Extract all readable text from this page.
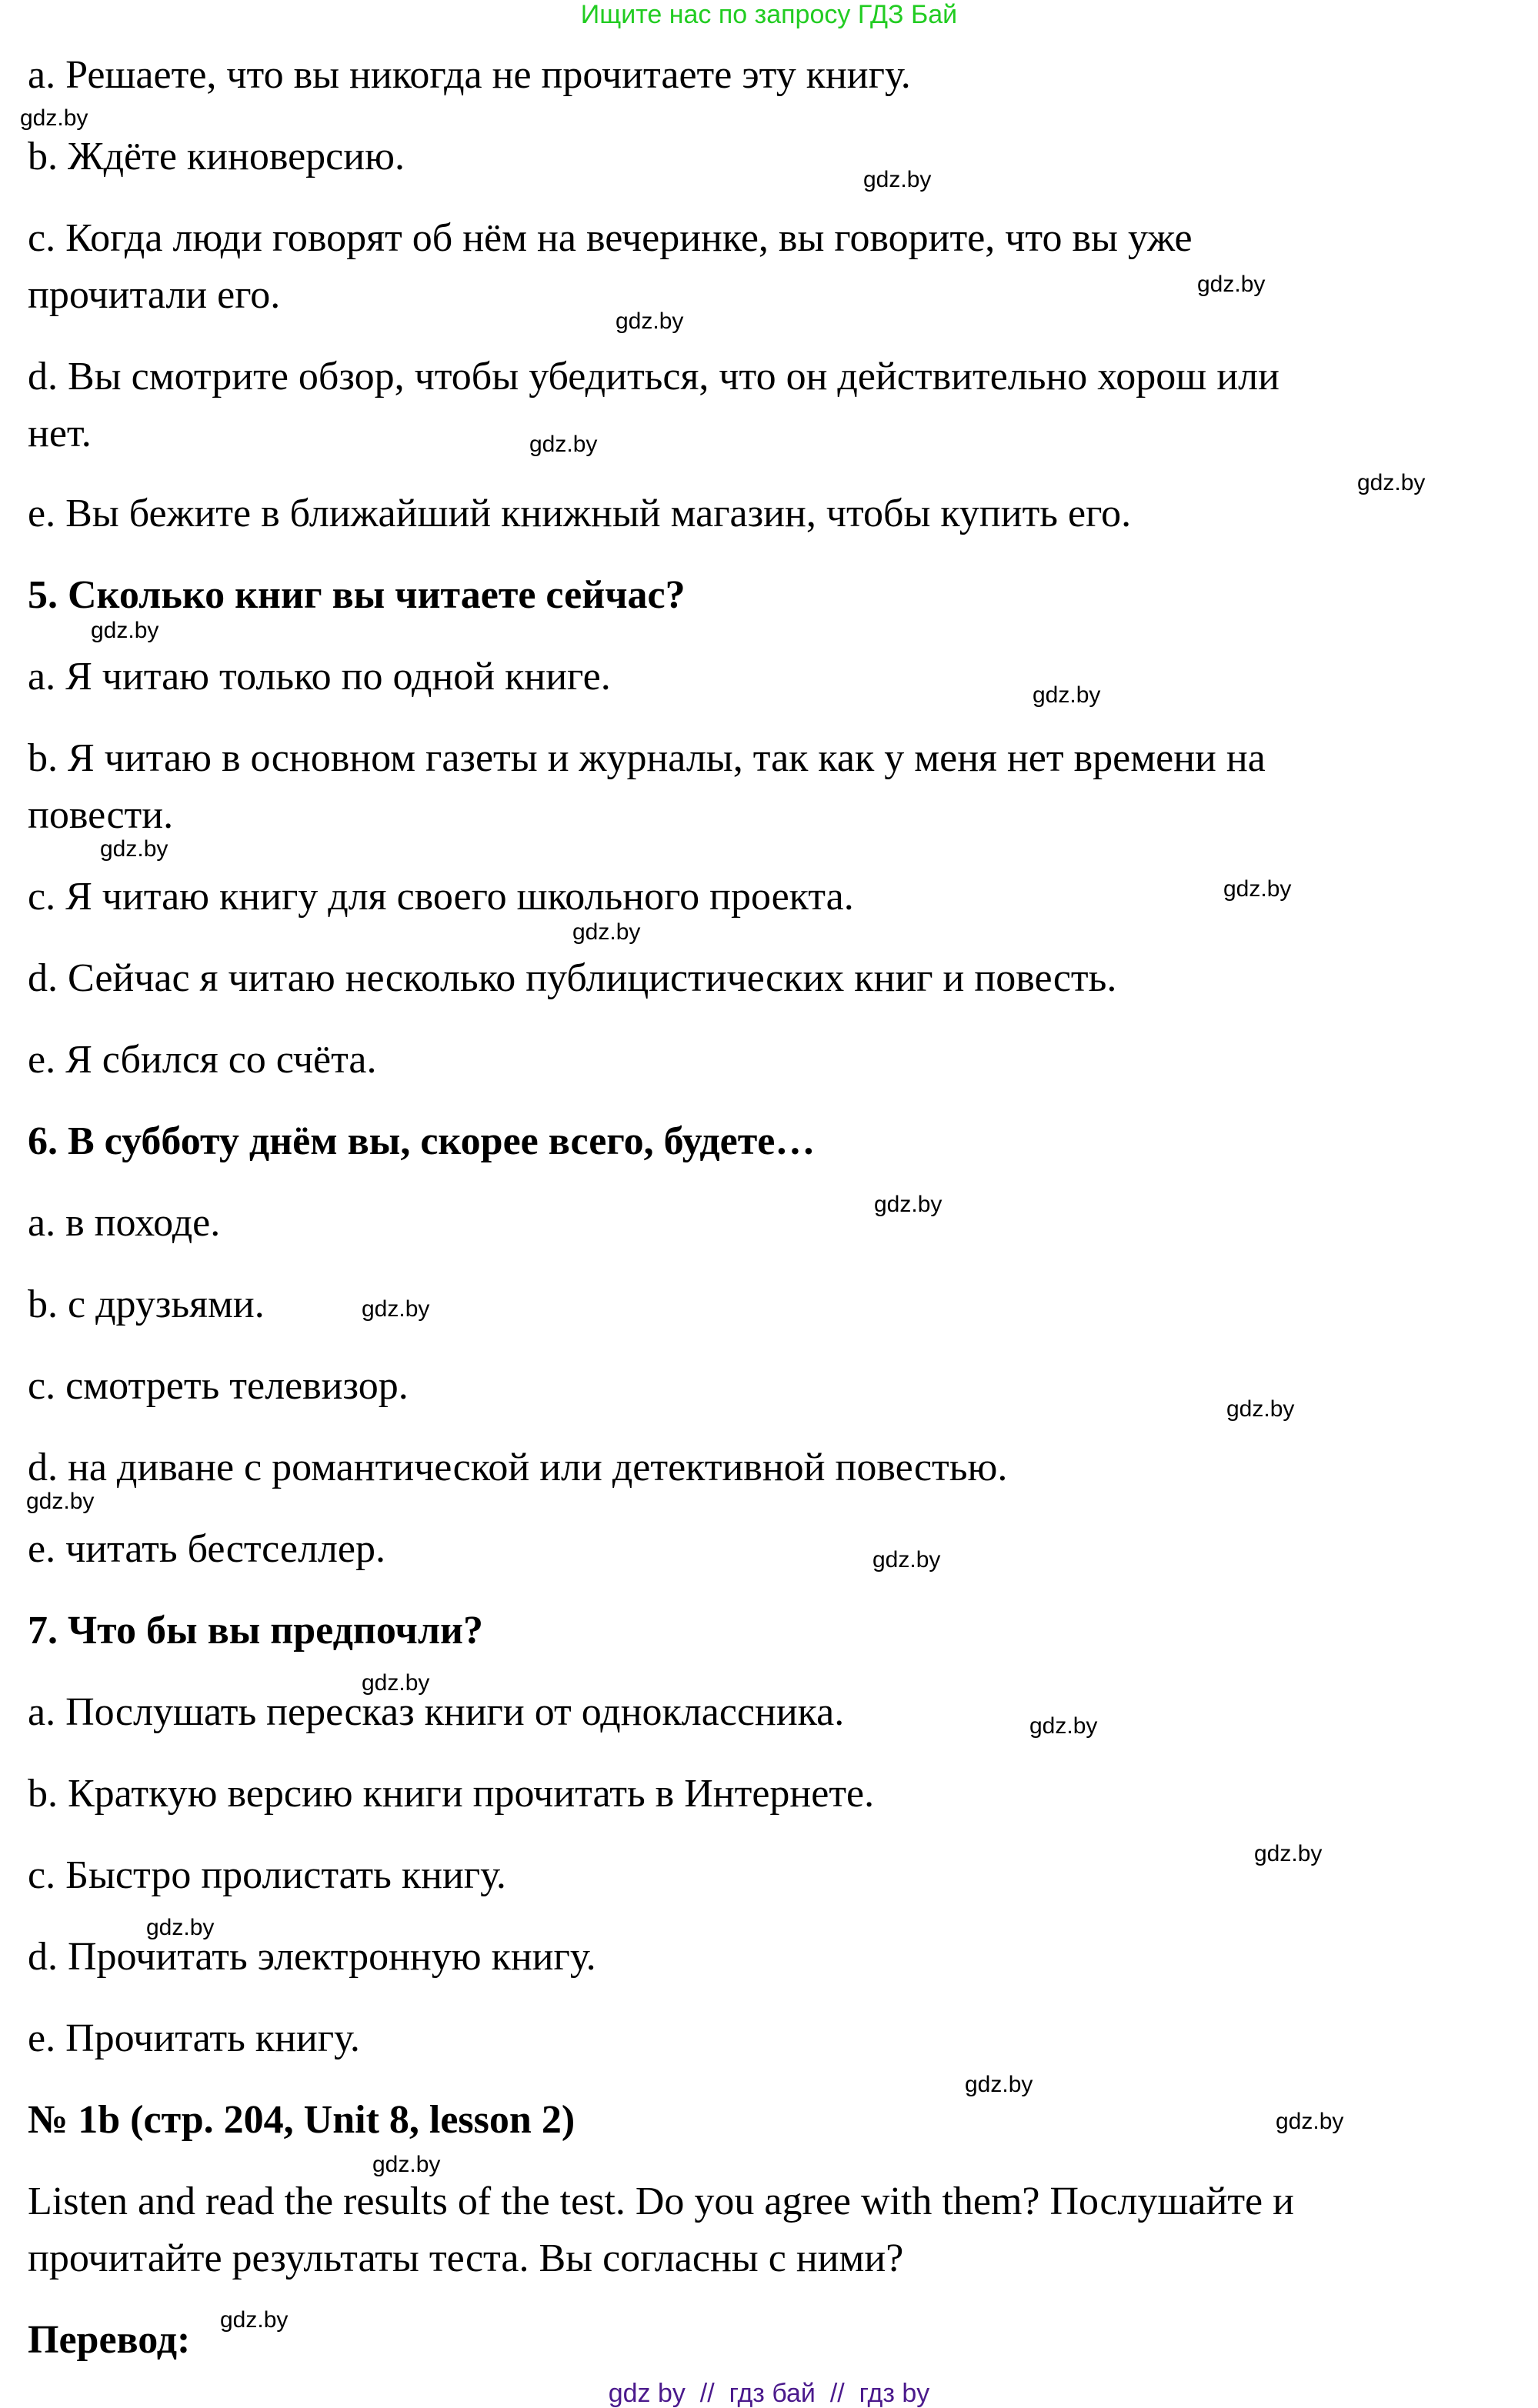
Ищите нас по запросу ГДЗ Бай
a. Решаете, что вы никогда не прочитаете эту книгу.
b. Ждёте киноверсию.
c. Когда люди говорят об нём на вечеринке, вы говорите, что вы уже
прочитали его.
d. Вы смотрите обзор, чтобы убедиться, что он действительно хорош или
нет.
e. Вы бежите в ближайший книжный магазин, чтобы купить его.
5. Сколько книг вы читаете сейчас?
a. Я читаю только по одной книге.
b. Я читаю в основном газеты и журналы, так как у меня нет времени на
повести.
c. Я читаю книгу для своего школьного проекта.
d. Сейчас я читаю несколько публицистических книг и повесть.
e. Я сбился со счёта.
6. В субботу днём вы, скорее всего, будете…
a. в походе.
b. с друзьями.
c. смотреть телевизор.
d. на диване с романтической или детективной повестью.
e. читать бестселлер.
7. Что бы вы предпочли?
a. Послушать пересказ книги от одноклассника.
b. Краткую версию книги прочитать в Интернете.
c. Быстро пролистать книгу.
d. Прочитать электронную книгу.
e. Прочитать книгу.
№ 1b (стр. 204, Unit 8, lesson 2)
Listen and read the results of the test. Do you agree with them? Послушайте и
прочитайте результаты теста. Вы согласны с ними?
Перевод:
gdz.by
gdz.by
gdz.by
gdz.by
gdz.by
gdz.by
gdz.by
gdz.by
gdz.by
gdz.by
gdz.by
gdz.by
gdz.by
gdz.by
gdz.by
gdz.by
gdz.by
gdz.by
gdz.by
gdz.by
gdz.by
gdz.by
gdz.by
gdz.by
gdz by  //  гдз бай  //  гдз by
